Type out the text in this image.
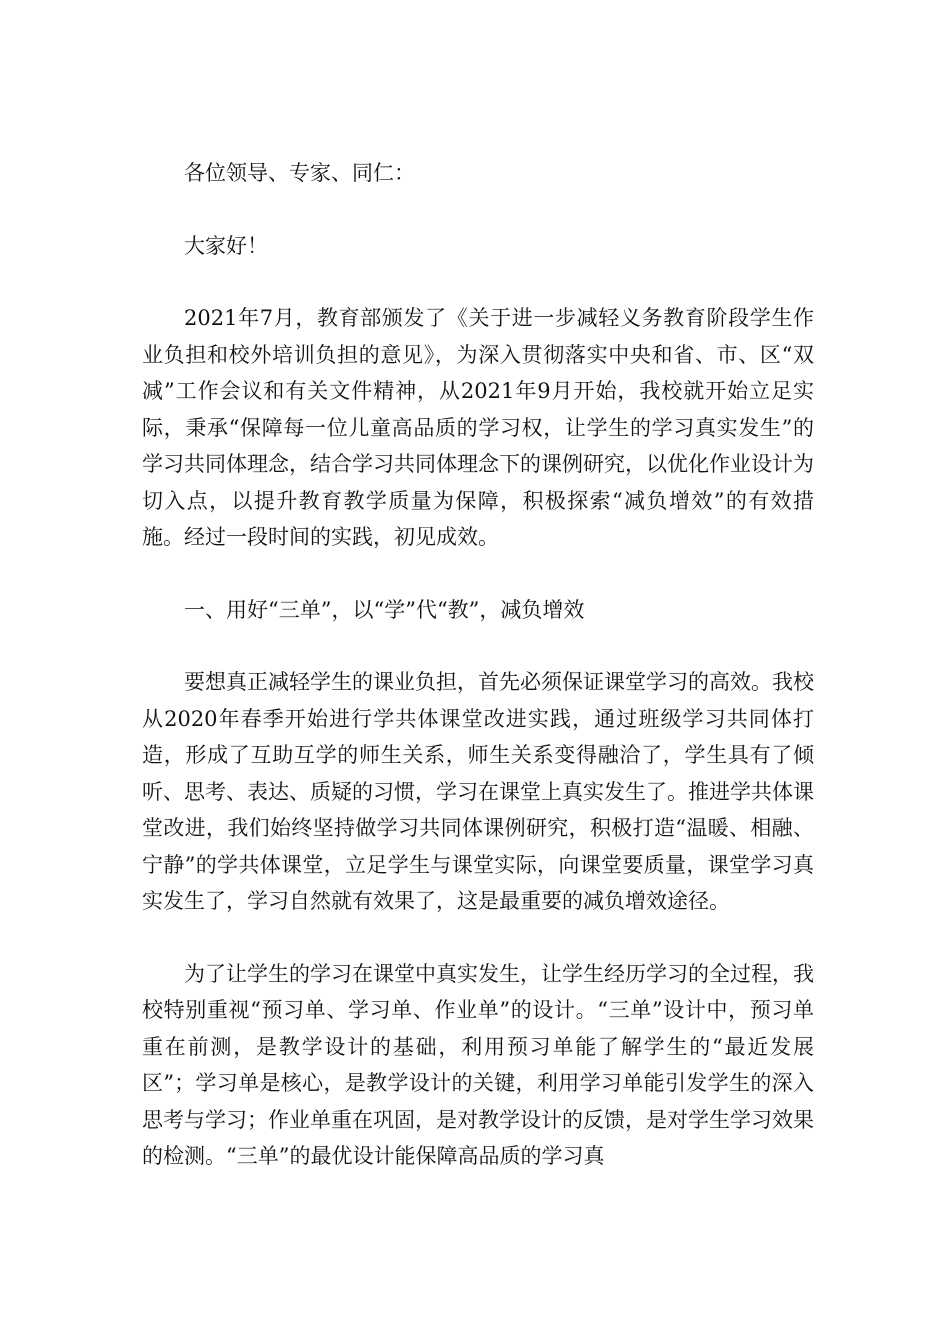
各位领导、专家、同仁：

大家好！

2021年7月，教育部颁发了《关于进一步减轻义务教育阶段学生作业负担和校外培训负担的意见》，为深入贯彻落实中央和省、市、区“双减”工作会议和有关文件精神，从2021年9月开始，我校就开始立足实际，秉承“保障每一位儿童高品质的学习权，让学生的学习真实发生”的学习共同体理念，结合学习共同体理念下的课例研究，以优化作业设计为切入点，以提升教育教学质量为保障，积极探索“减负增效”的有效措施。经过一段时间的实践，初见成效。

一、用好“三单”，以“学”代“教”，减负增效

要想真正减轻学生的课业负担，首先必须保证课堂学习的高效。我校从2020年春季开始进行学共体课堂改进实践，通过班级学习共同体打造，形成了互助互学的师生关系，师生关系变得融洽了，学生具有了倾听、思考、表达、质疑的习惯，学习在课堂上真实发生了。推进学共体课堂改进，我们始终坚持做学习共同体课例研究，积极打造“温暖、相融、宁静”的学共体课堂，立足学生与课堂实际，向课堂要质量，课堂学习真实发生了，学习自然就有效果了，这是最重要的减负增效途径。

为了让学生的学习在课堂中真实发生，让学生经历学习的全过程，我校特别重视“预习单、学习单、作业单”的设计。“三单”设计中，预习单重在前测，是教学设计的基础，利用预习单能了解学生的“最近发展区”；学习单是核心，是教学设计的关键，利用学习单能引发学生的深入思考与学习；作业单重在巩固，是对教学设计的反馈，是对学生学习效果的检测。“三单”的最优设计能保障高品质的学习真
